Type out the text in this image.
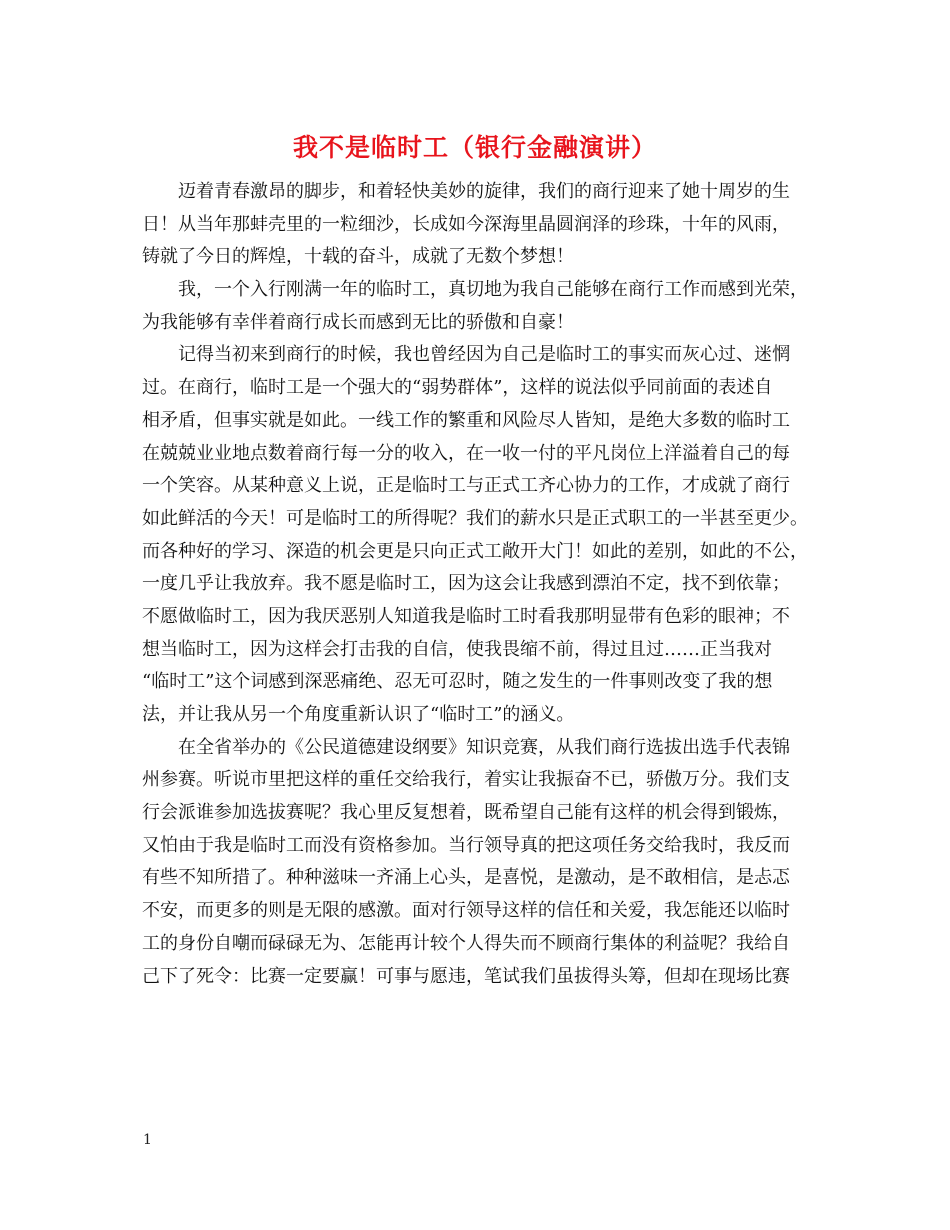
我不是临时工（银行金融演讲）
迈着青春激昂的脚步，和着轻快美妙的旋律，我们的商行迎来了她十周岁的生
日！从当年那蚌壳里的一粒细沙，长成如今深海里晶圆润泽的珍珠，十年的风雨，
铸就了今日的辉煌，十载的奋斗，成就了无数个梦想！
我，一个入行刚满一年的临时工，真切地为我自己能够在商行工作而感到光荣，
为我能够有幸伴着商行成长而感到无比的骄傲和自豪！
记得当初来到商行的时候，我也曾经因为自己是临时工的事实而灰心过、迷惘
过。在商行，临时工是一个强大的“弱势群体”，这样的说法似乎同前面的表述自
相矛盾，但事实就是如此。一线工作的繁重和风险尽人皆知，是绝大多数的临时工
在兢兢业业地点数着商行每一分的收入，在一收一付的平凡岗位上洋溢着自己的每
一个笑容。从某种意义上说，正是临时工与正式工齐心协力的工作，才成就了商行
如此鲜活的今天！可是临时工的所得呢？我们的薪水只是正式职工的一半甚至更少。
而各种好的学习、深造的机会更是只向正式工敞开大门！如此的差别，如此的不公，
一度几乎让我放弃。我不愿是临时工，因为这会让我感到漂泊不定，找不到依靠；
不愿做临时工，因为我厌恶别人知道我是临时工时看我那明显带有色彩的眼神；不
想当临时工，因为这样会打击我的自信，使我畏缩不前，得过且过……正当我对
“临时工”这个词感到深恶痛绝、忍无可忍时，随之发生的一件事则改变了我的想
法，并让我从另一个角度重新认识了“临时工”的涵义。
在全省举办的《公民道德建设纲要》知识竞赛，从我们商行选拔出选手代表锦
州参赛。听说市里把这样的重任交给我行，着实让我振奋不已，骄傲万分。我们支
行会派谁参加选拔赛呢？我心里反复想着，既希望自己能有这样的机会得到锻炼，
又怕由于我是临时工而没有资格参加。当行领导真的把这项任务交给我时，我反而
有些不知所措了。种种滋味一齐涌上心头，是喜悦，是激动，是不敢相信，是忐忑
不安，而更多的则是无限的感激。面对行领导这样的信任和关爱，我怎能还以临时
工的身份自嘲而碌碌无为、怎能再计较个人得失而不顾商行集体的利益呢？我给自
己下了死令：比赛一定要赢！可事与愿违，笔试我们虽拔得头筹，但却在现场比赛
1
